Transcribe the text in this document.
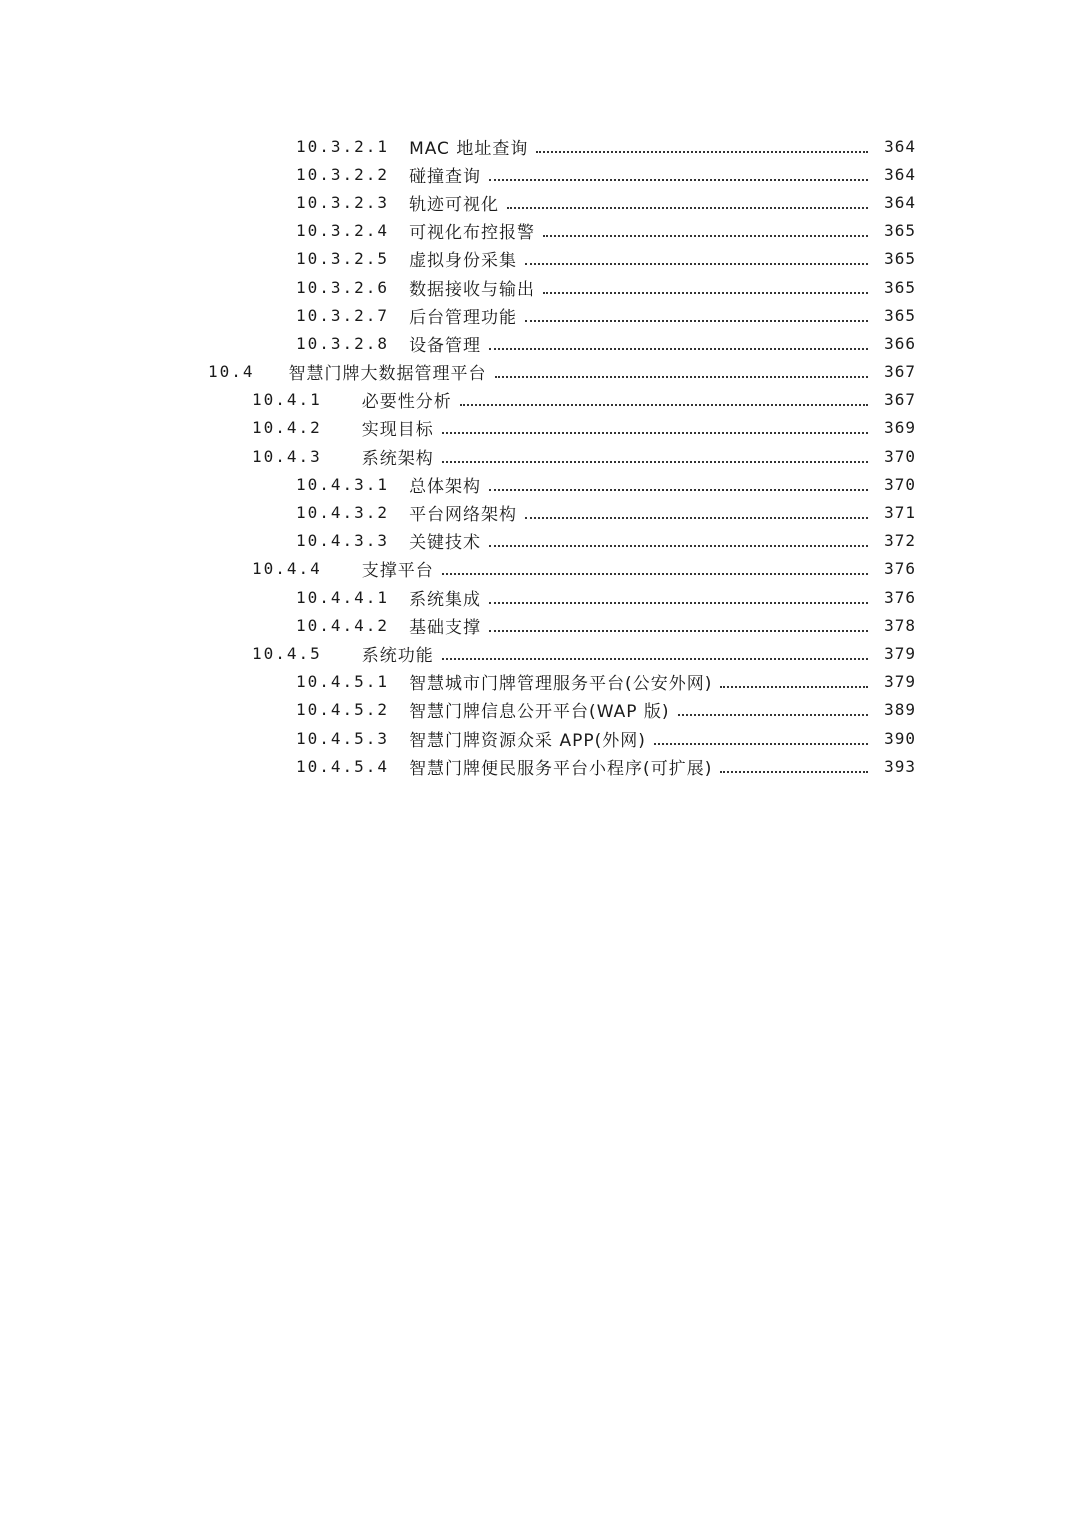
10.3.2.1	MAC 地址查询	364
10.3.2.2	碰撞查询	364
10.3.2.3	轨迹可视化	364
10.3.2.4	可视化布控报警	365
10.3.2.5	虚拟身份采集	365
10.3.2.6	数据接收与输出	365
10.3.2.7	后台管理功能	365
10.3.2.8	设备管理	366
10.4	智慧门牌大数据管理平台	367
10.4.1	必要性分析	367
10.4.2	实现目标	369
10.4.3	系统架构	370
10.4.3.1	总体架构	370
10.4.3.2	平台网络架构	371
10.4.3.3	关键技术	372
10.4.4	支撑平台	376
10.4.4.1	系统集成	376
10.4.4.2	基础支撑	378
10.4.5	系统功能	379
10.4.5.1	智慧城市门牌管理服务平台(公安外网)	379
10.4.5.2	智慧门牌信息公开平台(WAP 版)	389
10.4.5.3	智慧门牌资源众采 APP(外网)	390
10.4.5.4	智慧门牌便民服务平台小程序(可扩展)	393
